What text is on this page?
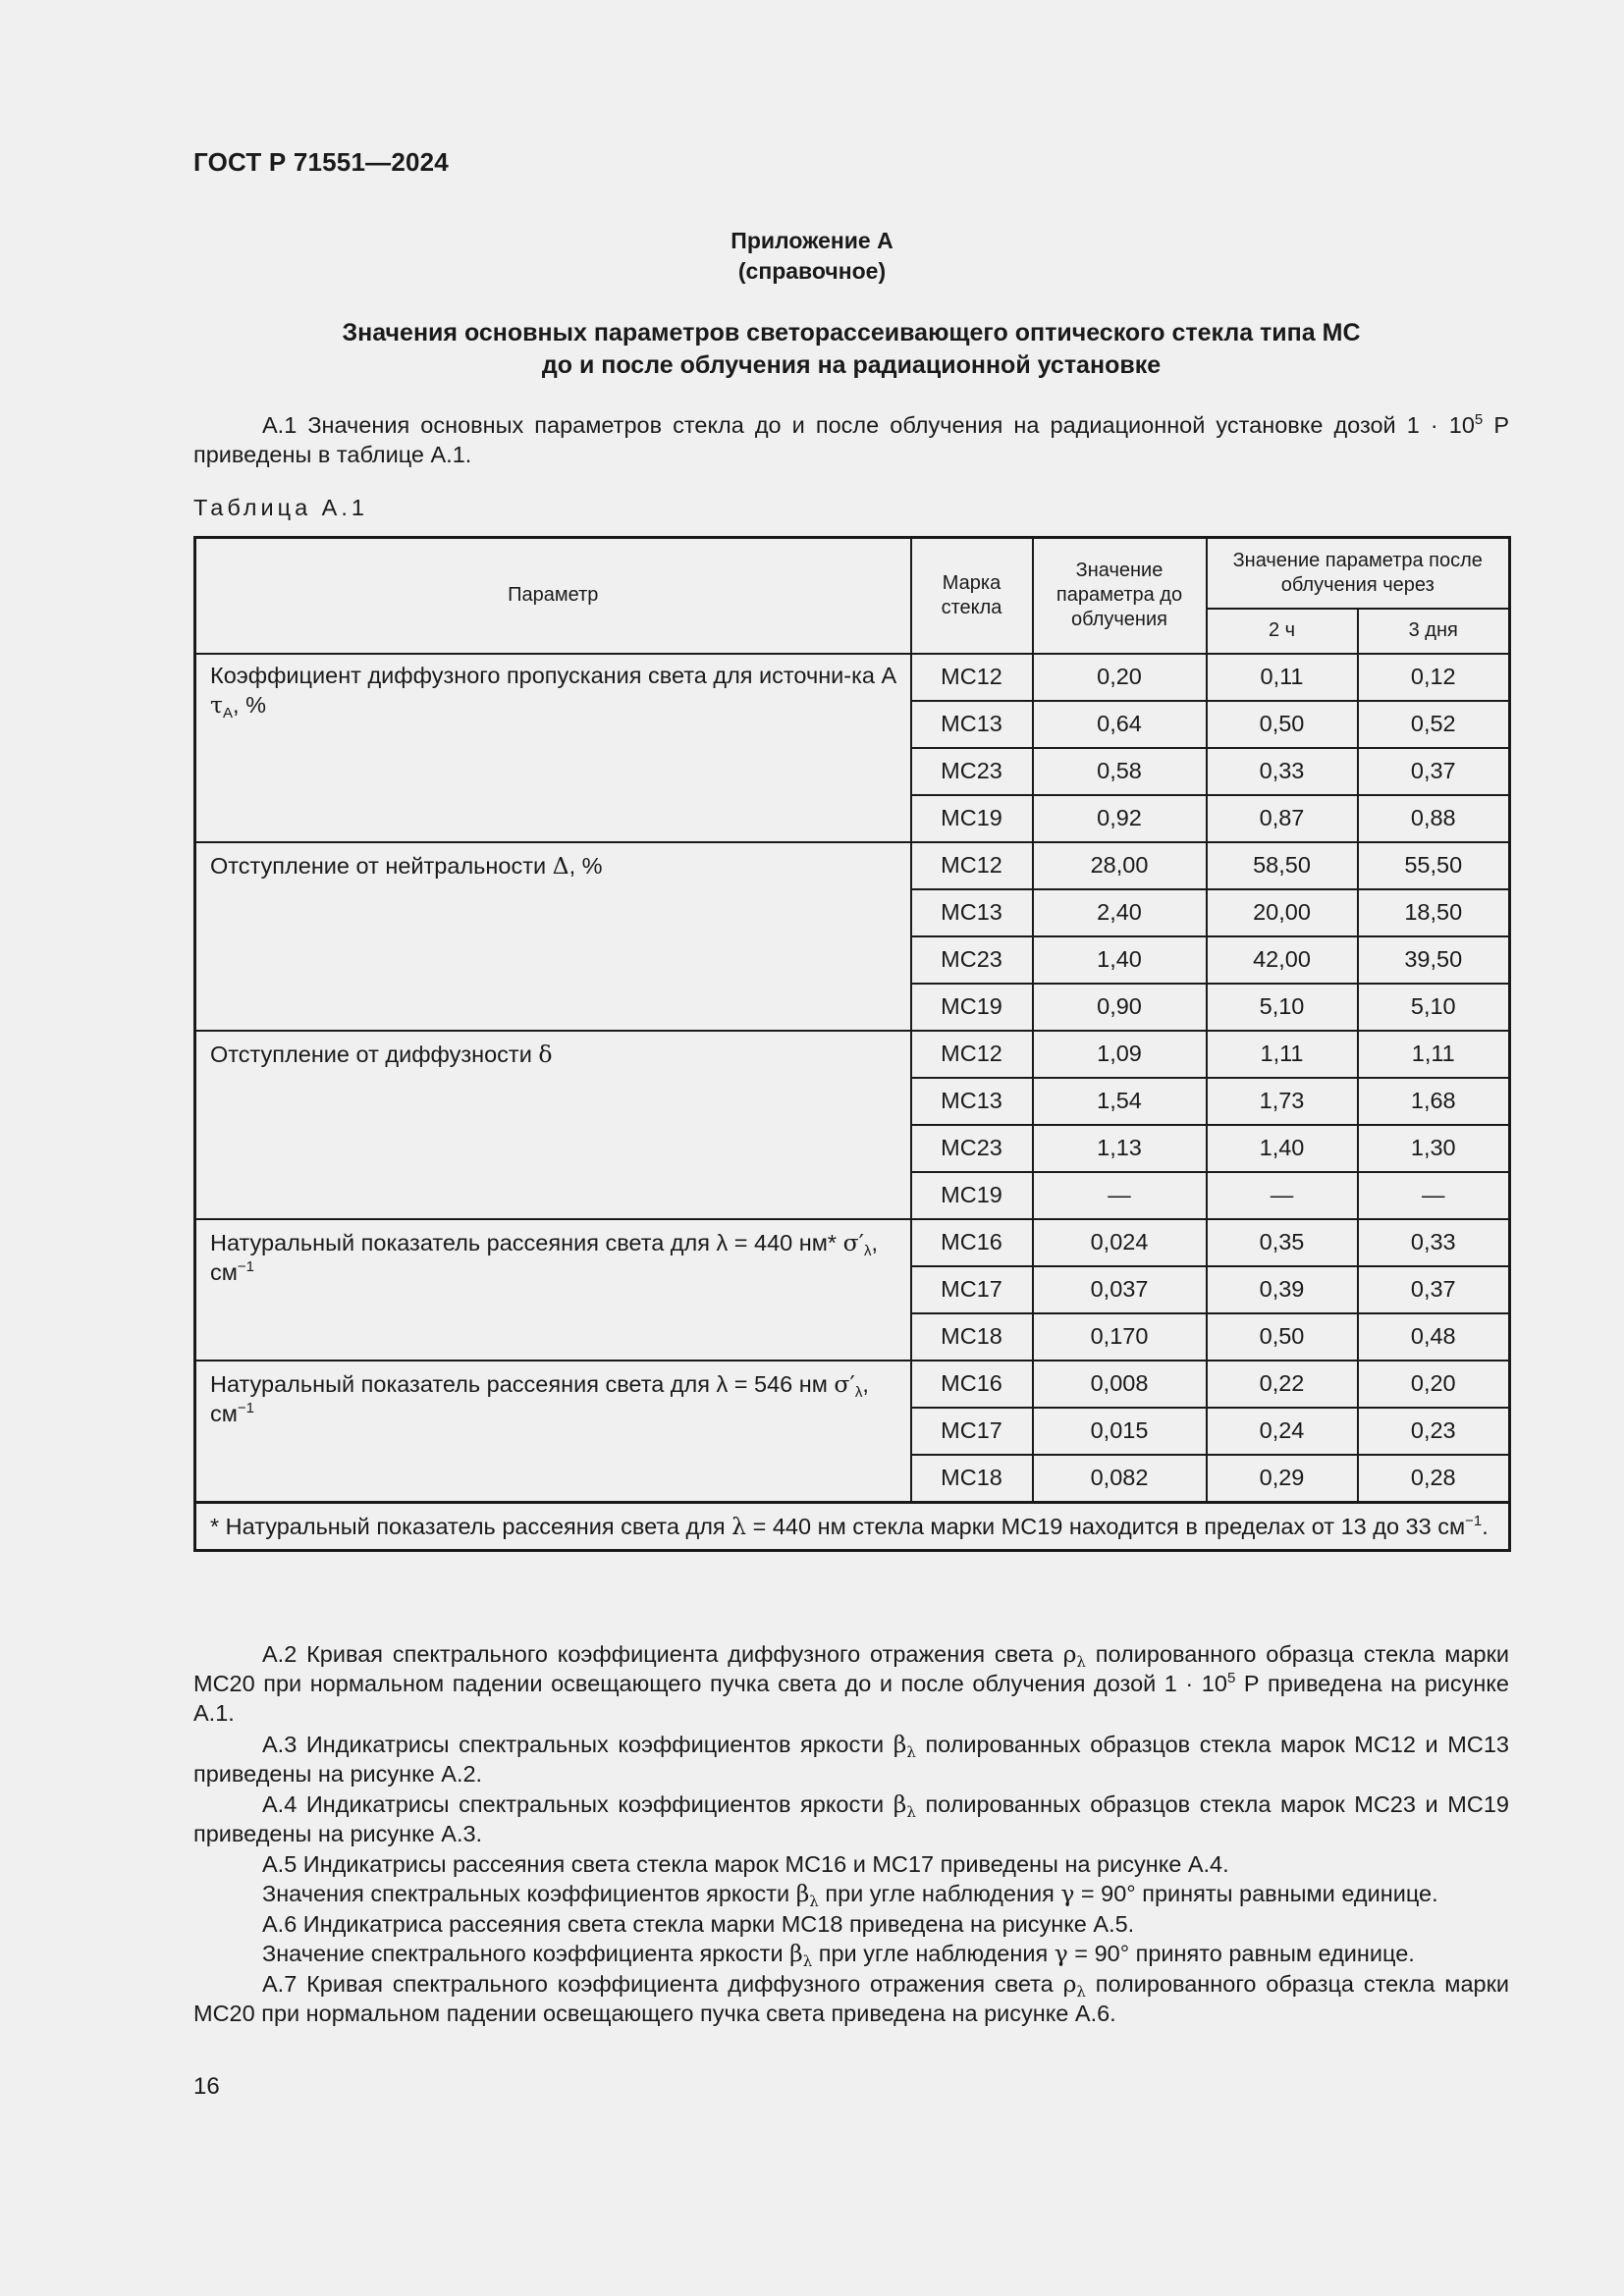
ГОСТ Р 71551—2024
Приложение А
(справочное)
Значения основных параметров светорассеивающего оптического стекла типа МС
до и после облучения на радиационной установке
А.1 Значения основных параметров стекла до и после облучения на радиационной установке дозой $1 \cdot 10^5$ Р приведены в таблице А.1.
Таблица А.1
Параметр	Марка стекла	Значение параметра до облучения	Значение параметра после облучения через	
			2 ч	3 дня
Коэффициент диффузного пропускания света для источни-ка А $\tau_А$, %	МС12	0,20	0,11	0,12
	МС13	0,64	0,50	0,52
	МС23	0,58	0,33	0,37
	МС19	0,92	0,87	0,88
Отступление от нейтральности Δ, %	МС12	28,00	58,50	55,50
	МС13	2,40	20,00	18,50
	МС23	1,40	42,00	39,50
	МС19	0,90	5,10	5,10
Отступление от диффузности δ	МС12	1,09	1,11	1,11
	МС13	1,54	1,73	1,68
	МС23	1,13	1,40	1,30
	МС19	—	—	—
Натуральный показатель рассеяния света для λ = 440 нм* $\sigma'_\lambda$, $см^{-1}$	МС16	0,024	0,35	0,33
	МС17	0,037	0,39	0,37
	МС18	0,170	0,50	0,48
Натуральный показатель рассеяния света для λ = 546 нм $\sigma'_\lambda$, $см^{-1}$	МС16	0,008	0,22	0,20
	МС17	0,015	0,24	0,23
	МС18	0,082	0,29	0,28
* Натуральный показатель рассеяния света для λ = 440 нм стекла марки МС19 находится в пределах от 13 до 33 $см^{-1}$.				
А.2 Кривая спектрального коэффициента диффузного отражения света $\rho_\lambda$ полированного образца стекла марки МС20 при нормальном падении освещающего пучка света до и после облучения дозой $1 \cdot 10^5$ Р приведена на рисунке А.1.
А.3 Индикатрисы спектральных коэффициентов яркости $\beta_\lambda$ полированных образцов стекла марок МС12 и МС13 приведены на рисунке А.2.
А.4 Индикатрисы спектральных коэффициентов яркости $\beta_\lambda$ полированных образцов стекла марок МС23 и МС19 приведены на рисунке А.3.
А.5 Индикатрисы рассеяния света стекла марок МС16 и МС17 приведены на рисунке А.4.
Значения спектральных коэффициентов яркости $\beta_\lambda$ при угле наблюдения γ = 90° приняты равными единице.
А.6 Индикатриса рассеяния света стекла марки МС18 приведена на рисунке А.5.
Значение спектрального коэффициента яркости $\beta_\lambda$ при угле наблюдения γ = 90° принято равным единице.
А.7 Кривая спектрального коэффициента диффузного отражения света $\rho_\lambda$ полированного образца стекла марки МС20 при нормальном падении освещающего пучка света приведена на рисунке А.6.
16
